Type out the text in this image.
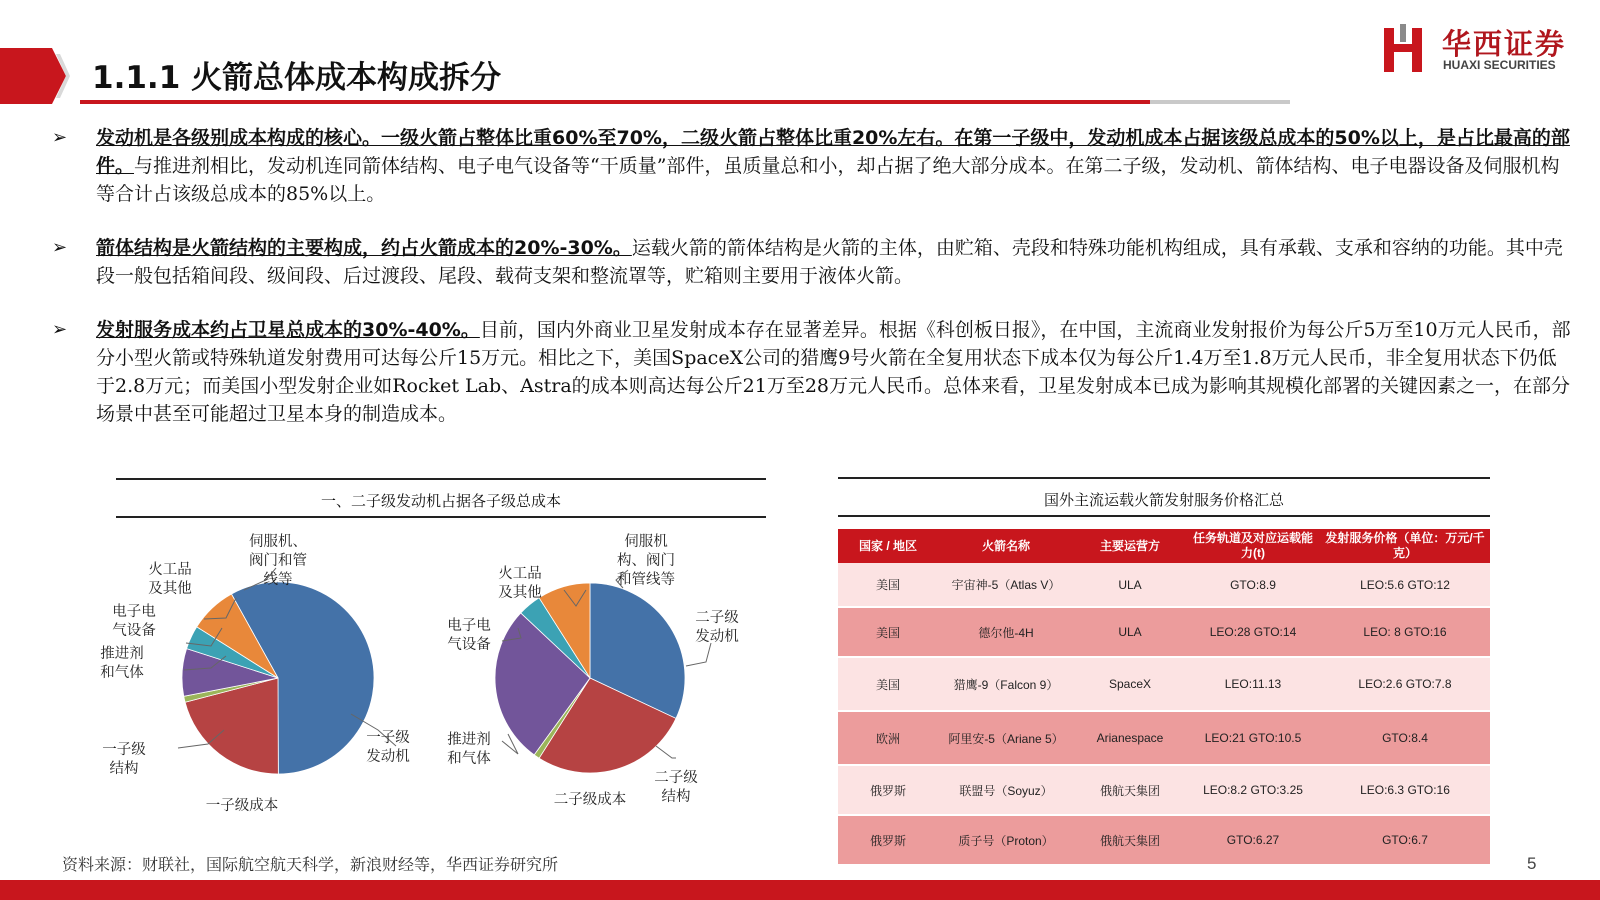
1.1.1 火箭总体成本构成拆分
华西证券
HUAXI SECURITIES
➢ 发动机是各级别成本构成的核心。一级火箭占整体比重60%至70%，二级火箭占整体比重20%左右。在第一子级中，发动机成本占据该级总成本的50%以上，是占比最高的部件。与推进剂相比，发动机连同箭体结构、电子电气设备等“干质量”部件，虽质量总和小，却占据了绝大部分成本。在第二子级，发动机、箭体结构、电子电器设备及伺服机构等合计占该级总成本的85%以上。
➢ 箭体结构是火箭结构的主要构成，约占火箭成本的20%-30%。运载火箭的箭体结构是火箭的主体，由贮箱、壳段和特殊功能机构组成，具有承载、支承和容纳的功能。其中壳段一般包括箱间段、级间段、后过渡段、尾段、载荷支架和整流罩等，贮箱则主要用于液体火箭。
➢ 发射服务成本约占卫星总成本的30%-40%。目前，国内外商业卫星发射成本存在显著差异。根据《科创板日报》，在中国，主流商业发射报价为每公斤5万至10万元人民币，部分小型火箭或特殊轨道发射费用可达每公斤15万元。相比之下，美国SpaceX公司的猎鹰9号火箭在全复用状态下成本仅为每公斤1.4万至1.8万元人民币，非全复用状态下仍低于2.8万元；而美国小型发射企业如Rocket Lab、Astra的成本则高达每公斤21万至28万元人民币。总体来看，卫星发射成本已成为影响其规模化部署的关键因素之一，在部分场景中甚至可能超过卫星本身的制造成本。
一、二子级发动机占据各子级总成本
伺服机、阀门和管线等
火工品及其他
电子电气设备
推进剂和气体
一子级结构
一子级发动机
一子级成本
火工品及其他
伺服机构、阀门和管线等
二子级发动机
电子电气设备
推进剂和气体
二子级结构
二子级成本
国外主流运载火箭发射服务价格汇总
国家 / 地区	火箭名称	主要运营方	任务轨道及对应运载能力(t)	发射服务价格（单位：万元/千克）
美国	宇宙神-5（Atlas V）	ULA	GTO:8.9	LEO:5.6 GTO:12
美国	德尔他-4H	ULA	LEO:28 GTO:14	LEO: 8 GTO:16
美国	猎鹰-9（Falcon 9）	SpaceX	LEO:11.13	LEO:2.6 GTO:7.8
欧洲	阿里安-5（Ariane 5）	Arianespace	LEO:21 GTO:10.5	GTO:8.4
俄罗斯	联盟号（Soyuz）	俄航天集团	LEO:8.2 GTO:3.25	LEO:6.3 GTO:16
俄罗斯	质子号（Proton）	俄航天集团	GTO:6.27	GTO:6.7
资料来源：财联社，国际航空航天科学，新浪财经等，华西证券研究所	5
